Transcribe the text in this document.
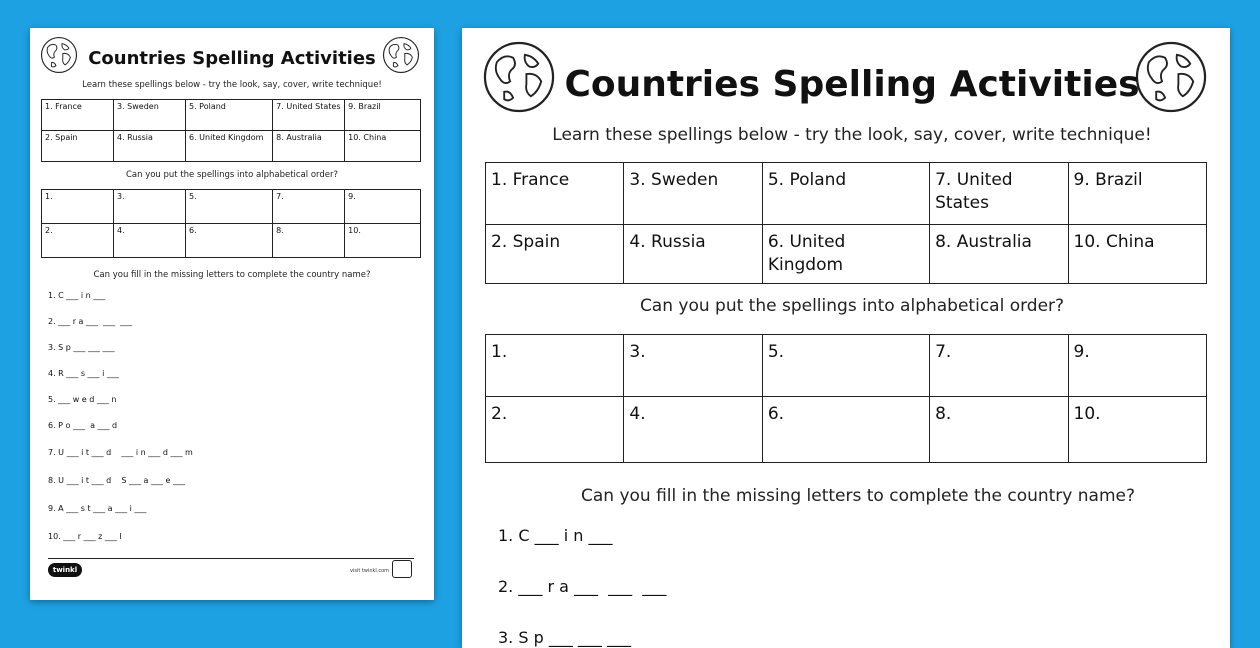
Countries Spelling Activities
Learn these spellings below - try the look, say, cover, write technique!
1. France	3. Sweden	5. Poland	7. United States	9. Brazil
2. Spain	4. Russia	6. United Kingdom	8. Australia	10. China
Can you put the spellings into alphabetical order?
1.	3.	5.	7.	9.
2.	4.	6.	8.	10.
Can you fill in the missing letters to complete the country name?
1. C ___ i n ___
2. ___ r a ___  ___  ___
3. S p ___ ___ ___
4. R ___ s ___ i ___
5. ___ w e d ___ n
6. P o ___  a ___ d
7. U ___ i t ___ d    ___ i n ___ d ___ m
8. U ___ i t ___ d    S ___ a ___ e ___
9. A ___ s t ___ a ___ i ___
10. ___ r ___ z ___ l
twinkl	visit twinkl.com
Countries Spelling Activities
Learn these spellings below - try the look, say, cover, write technique!
1. France	3. Sweden	5. Poland	7. United States	9. Brazil
2. Spain	4. Russia	6. United Kingdom	8. Australia	10. China
Can you put the spellings into alphabetical order?
1.	3.	5.	7.	9.
2.	4.	6.	8.	10.
Can you fill in the missing letters to complete the country name?
1. C ___ i n ___
2. ___ r a ___  ___  ___
3. S p ___ ___ ___
